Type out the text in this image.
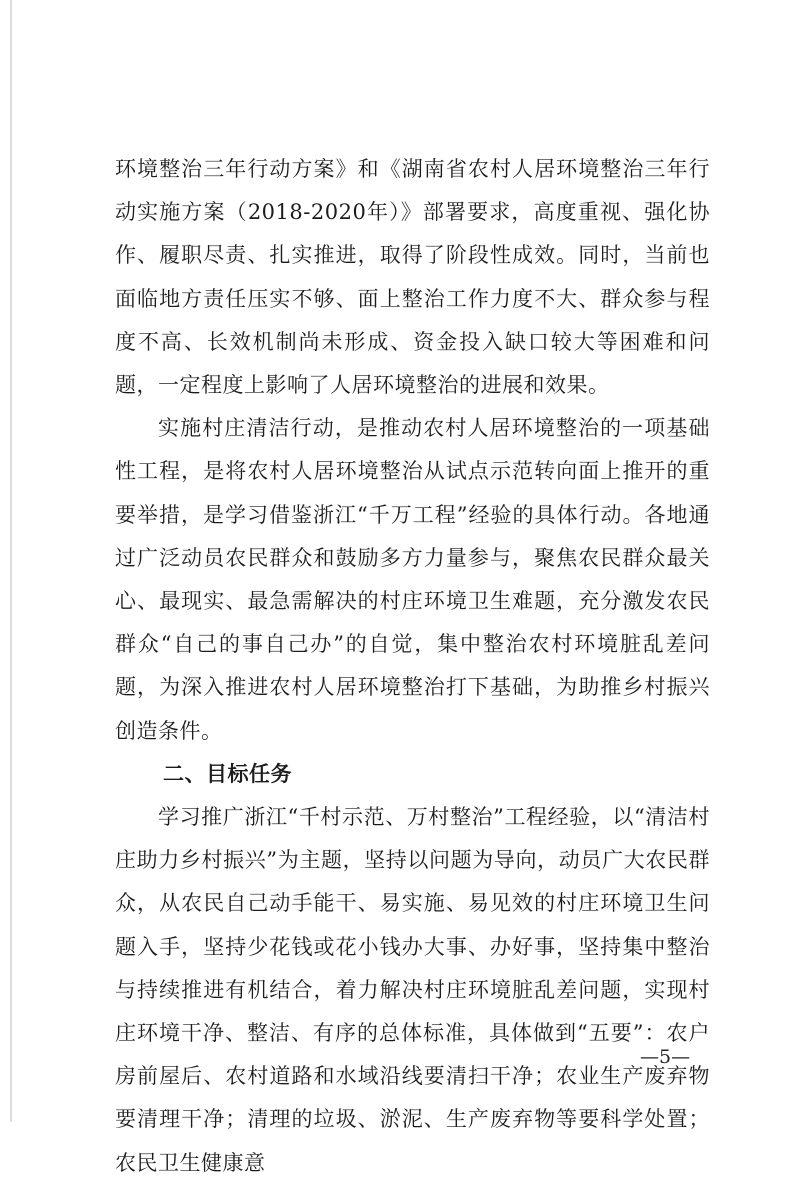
环境整治三年行动方案》和《湖南省农村人居环境整治三年行动实施方案（2018-2020年）》部署要求，高度重视、强化协作、履职尽责、扎实推进，取得了阶段性成效。同时，当前也面临地方责任压实不够、面上整治工作力度不大、群众参与程度不高、长效机制尚未形成、资金投入缺口较大等困难和问题，一定程度上影响了人居环境整治的进展和效果。

实施村庄清洁行动，是推动农村人居环境整治的一项基础性工程，是将农村人居环境整治从试点示范转向面上推开的重要举措，是学习借鉴浙江“千万工程”经验的具体行动。各地通过广泛动员农民群众和鼓励多方力量参与，聚焦农民群众最关心、最现实、最急需解决的村庄环境卫生难题，充分激发农民群众“自己的事自己办”的自觉，集中整治农村环境脏乱差问题，为深入推进农村人居环境整治打下基础，为助推乡村振兴创造条件。

二、目标任务

学习推广浙江“千村示范、万村整治”工程经验，以“清洁村庄助力乡村振兴”为主题，坚持以问题为导向，动员广大农民群众，从农民自己动手能干、易实施、易见效的村庄环境卫生问题入手，坚持少花钱或花小钱办大事、办好事，坚持集中整治与持续推进有机结合，着力解决村庄环境脏乱差问题，实现村庄环境干净、整洁、有序的总体标准，具体做到“五要”：农户房前屋后、农村道路和水域沿线要清扫干净；农业生产废弃物要清理干净；清理的垃圾、淤泥、生产废弃物等要科学处置；农民卫生健康意

—5—
